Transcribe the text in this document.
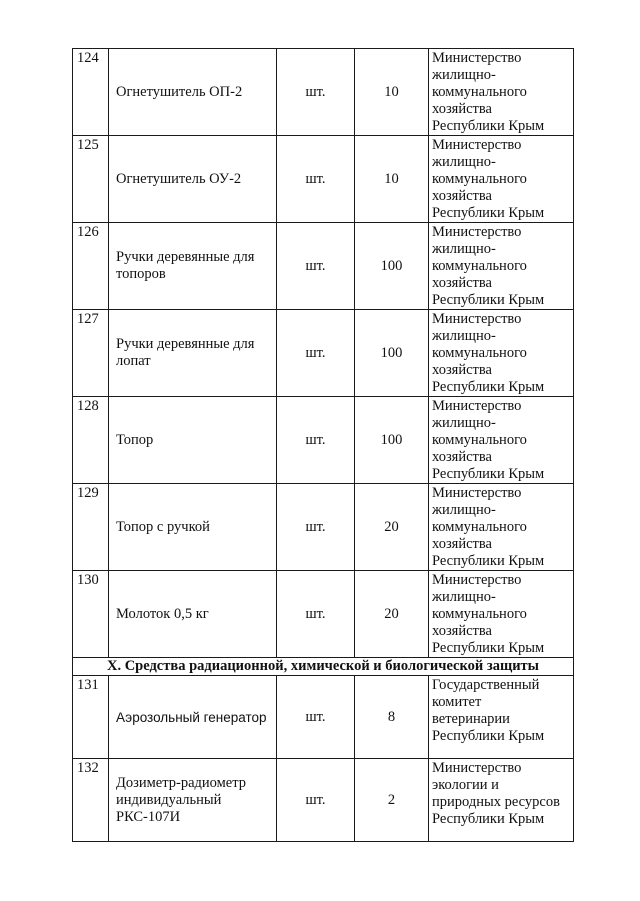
124	Огнетушитель ОП-2	шт.	10	Министерство
жилищно-
коммунального
хозяйства
Республики Крым

125	Огнетушитель ОУ-2	шт.	10	Министерство
жилищно-
коммунального
хозяйства
Республики Крым

126	Ручки деревянные для топоров	шт.	100	Министерство
жилищно-
коммунального
хозяйства
Республики Крым

127	Ручки деревянные для лопат	шт.	100	Министерство
жилищно-
коммунального
хозяйства
Республики Крым

128	Топор	шт.	100	Министерство
жилищно-
коммунального
хозяйства
Республики Крым

129	Топор с ручкой	шт.	20	Министерство
жилищно-
коммунального
хозяйства
Республики Крым

130	Молоток 0,5 кг	шт.	20	Министерство
жилищно-
коммунального
хозяйства
Республики Крым

X. Средства радиационной, химической и биологической защиты				
131	Аэрозольный генератор	шт.	8	Государственный
комитет
ветеринарии
Республики Крым

132	Дозиметр-радиометр индивидуальный РКС-107И	шт.	2	Министерство
экологии и
природных ресурсов
Республики Крым
